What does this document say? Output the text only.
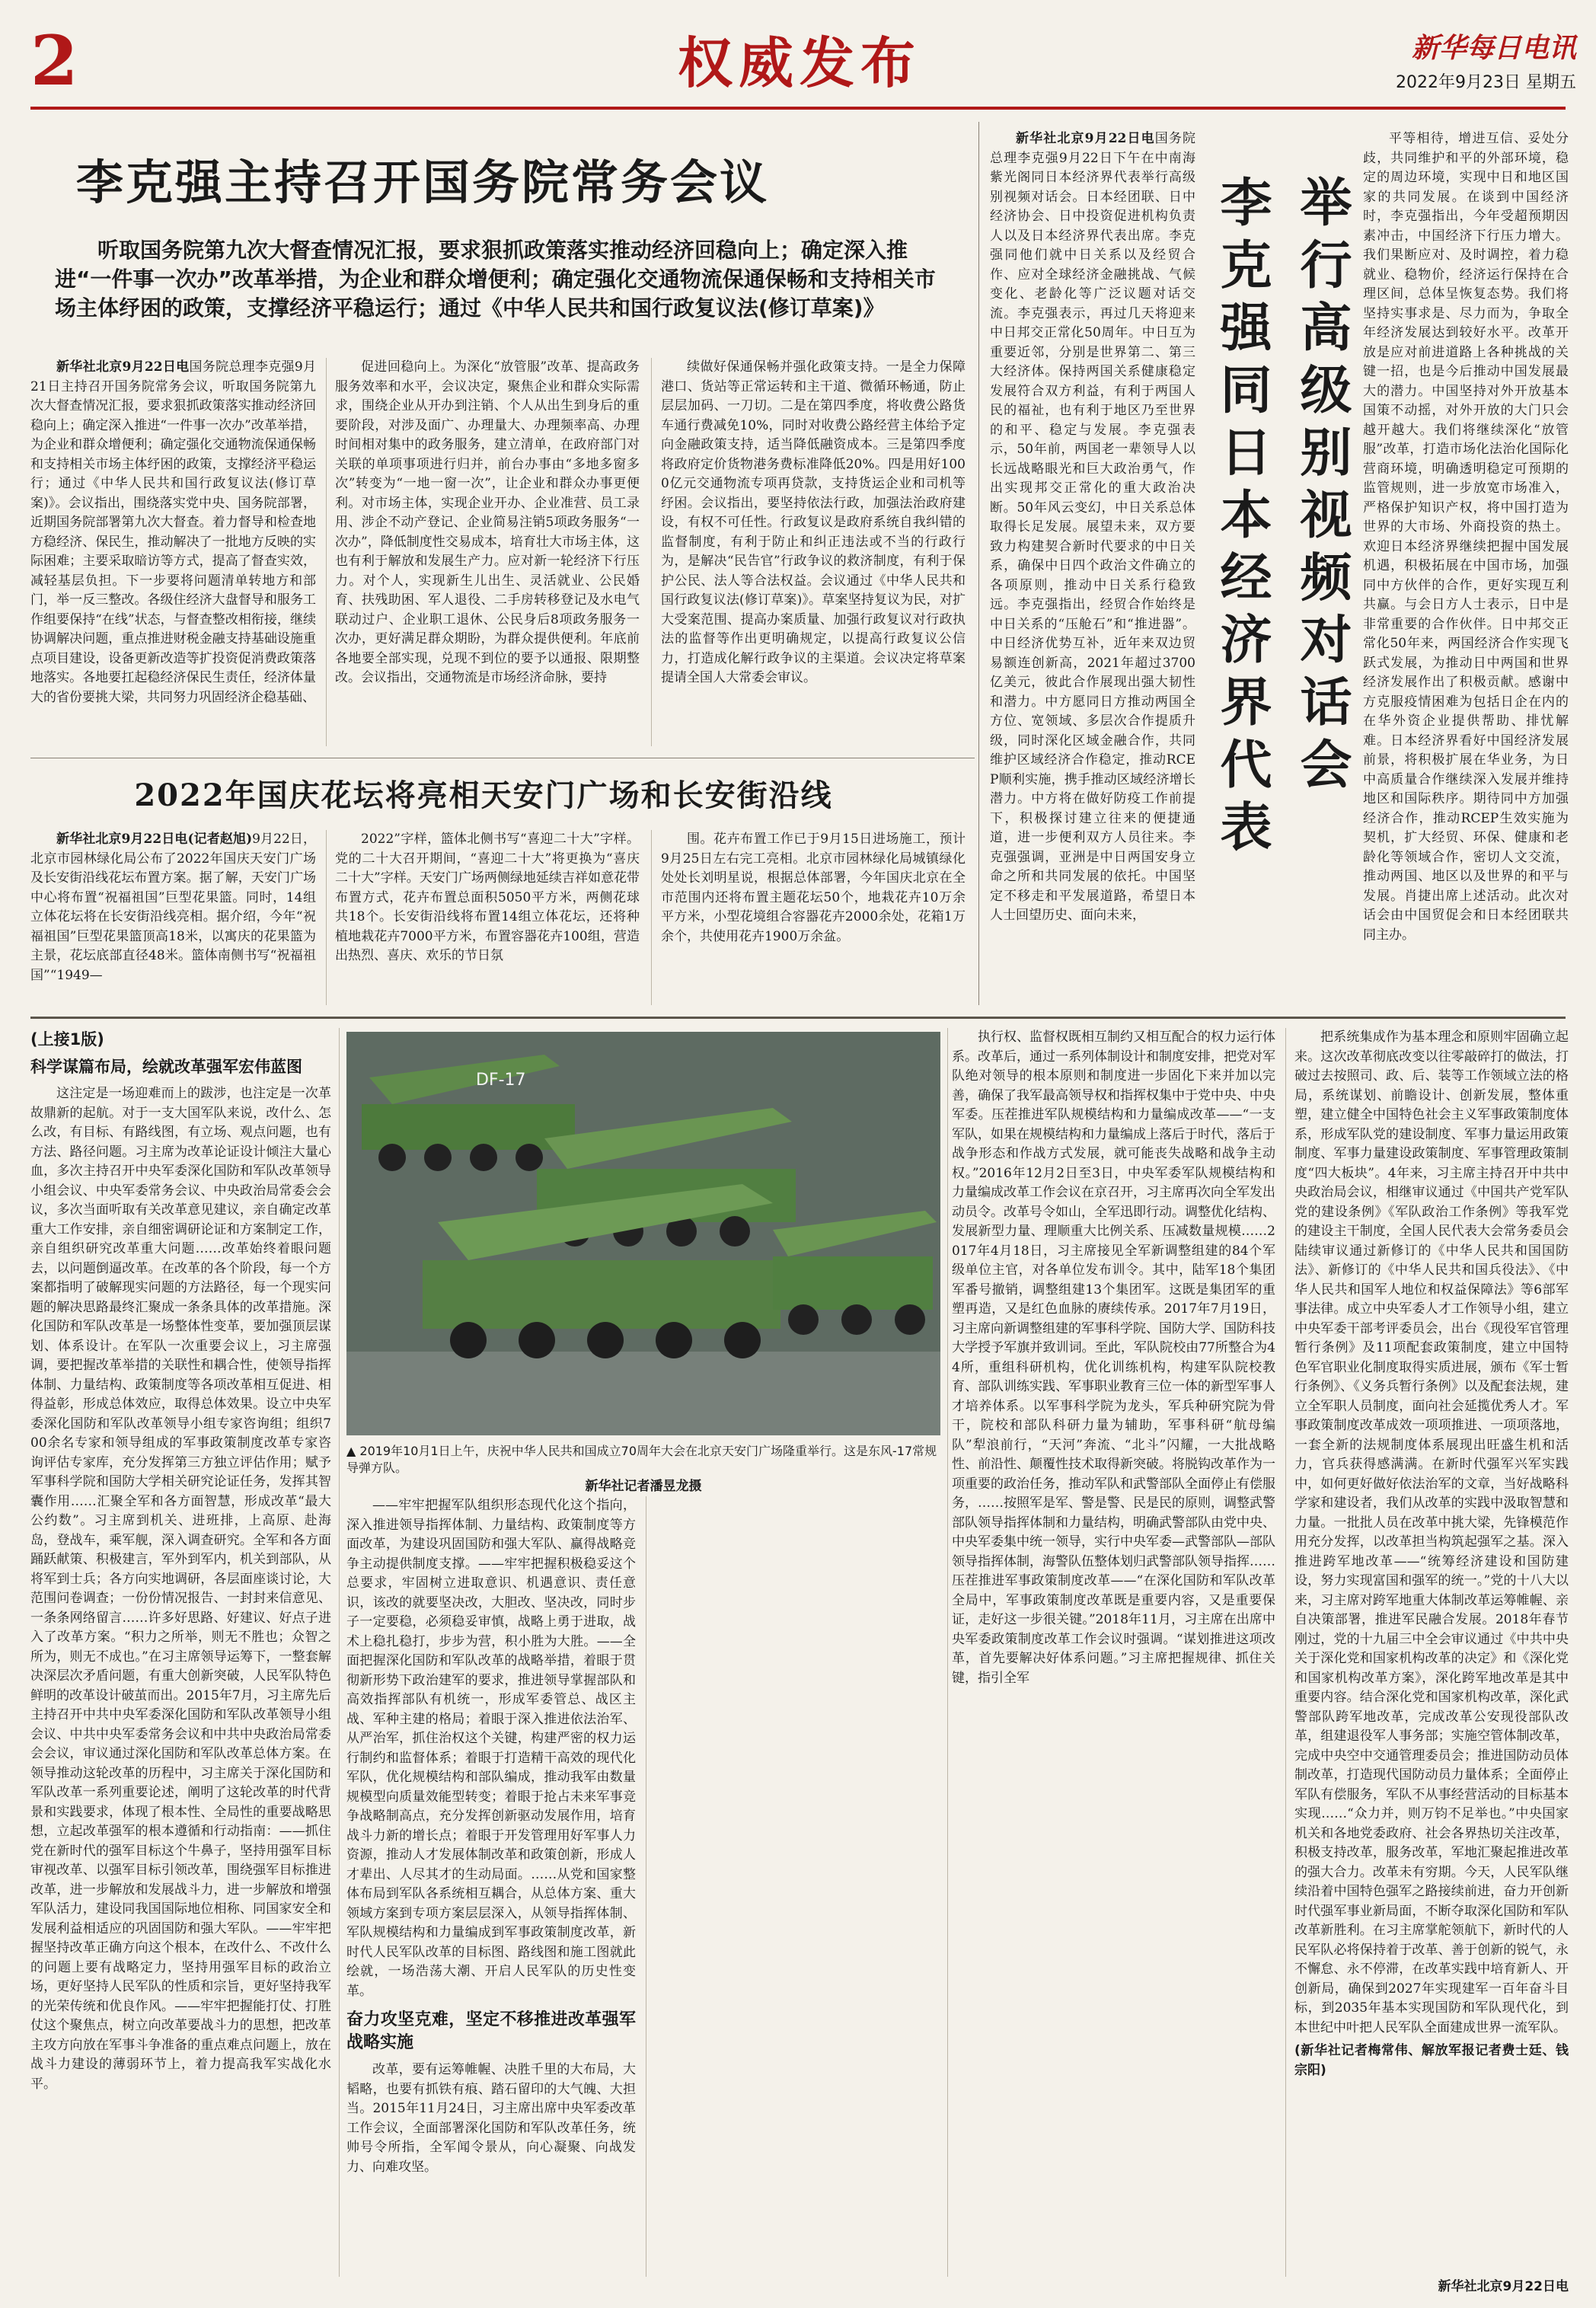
2	权威发布	新华每日电讯
2022年9月23日 星期五
李克强主持召开国务院常务会议
听取国务院第九次大督查情况汇报，要求狠抓政策落实推动经济回稳向上；确定深入推进“一件事一次办”改革举措，为企业和群众增便利；确定强化交通物流保通保畅和支持相关市场主体纾困的政策，支撑经济平稳运行；通过《中华人民共和国行政复议法(修订草案)》

新华社北京9月22日电国务院总理李克强9月21日主持召开国务院常务会议，听取国务院第九次大督查情况汇报，要求狠抓政策落实推动经济回稳向上；确定深入推进“一件事一次办”改革举措，为企业和群众增便利；确定强化交通物流保通保畅和支持相关市场主体纾困的政策，支撑经济平稳运行；通过《中华人民共和国行政复议法(修订草案)》。会议指出，围绕落实党中央、国务院部署，近期国务院部署第九次大督查。着力督导和检查地方稳经济、保民生，推动解决了一批地方反映的实际困难；主要采取暗访等方式，提高了督查实效，减轻基层负担。下一步要将问题清单转地方和部门，举一反三整改。各级住经济大盘督导和服务工作组要保持“在线”状态，与督查整改相衔接，继续协调解决问题，重点推进财税金融支持基础设施重点项目建设，设备更新改造等扩投资促消费政策落地落实。各地要扛起稳经济保民生责任，经济体量大的省份要挑大梁，共同努力巩固经济企稳基础、

促进回稳向上。为深化“放管服”改革、提高政务服务效率和水平，会议决定，聚焦企业和群众实际需求，围绕企业从开办到注销、个人从出生到身后的重要阶段，对涉及面广、办理量大、办理频率高、办理时间相对集中的政务服务，建立清单，在政府部门对关联的单项事项进行归并，前台办事由“多地多窗多次”转变为“一地一窗一次”，让企业和群众办事更便利。对市场主体，实现企业开办、企业准营、员工录用、涉企不动产登记、企业简易注销5项政务服务“一次办”，降低制度性交易成本，培育壮大市场主体，这也有利于解放和发展生产力。应对新一轮经济下行压力。对个人，实现新生儿出生、灵活就业、公民婚育、扶残助困、军人退役、二手房转移登记及水电气联动过户、企业职工退休、公民身后8项政务服务一次办，更好满足群众期盼，为群众提供便利。年底前各地要全部实现，兑现不到位的要予以通报、限期整改。会议指出，交通物流是市场经济命脉，要持

续做好保通保畅并强化政策支持。一是全力保障港口、货站等正常运转和主干道、微循环畅通，防止层层加码、一刀切。二是在第四季度，将收费公路货车通行费减免10%，同时对收费公路经营主体给予定向金融政策支持，适当降低融资成本。三是第四季度将政府定价货物港务费标准降低20%。四是用好1000亿元交通物流专项再贷款，支持货运企业和司机等纾困。会议指出，要坚持依法行政，加强法治政府建设，有权不可任性。行政复议是政府系统自我纠错的监督制度，有利于防止和纠正违法或不当的行政行为，是解决“民告官”行政争议的救济制度，有利于保护公民、法人等合法权益。会议通过《中华人民共和国行政复议法(修订草案)》。草案坚持复议为民，对扩大受案范围、提高办案质量、加强行政复议对行政执法的监督等作出更明确规定，以提高行政复议公信力，打造成化解行政争议的主渠道。会议决定将草案提请全国人大常委会审议。

2022年国庆花坛将亮相天安门广场和长安街沿线

新华社北京9月22日电(记者赵旭)9月22日，北京市园林绿化局公布了2022年国庆天安门广场及长安街沿线花坛布置方案。据了解，天安门广场中心将布置“祝福祖国”巨型花果篮。同时，14组立体花坛将在长安街沿线亮相。据介绍，今年“祝福祖国”巨型花果篮顶高18米，以寓庆的花果篮为主景，花坛底部直径48米。篮体南侧书写“祝福祖国”“1949—

2022”字样，篮体北侧书写“喜迎二十大”字样。党的二十大召开期间，“喜迎二十大”将更换为“喜庆二十大”字样。天安门广场两侧绿地延续吉祥如意花带布置方式，花卉布置总面积5050平方米，两侧花球共18个。长安街沿线将布置14组立体花坛，还将种植地栽花卉7000平方米，布置容器花卉100组，营造出热烈、喜庆、欢乐的节日氛

围。花卉布置工作已于9月15日进场施工，预计9月25日左右完工亮相。北京市园林绿化局城镇绿化处处长刘明星说，根据总体部署，今年国庆北京在全市范围内还将布置主题花坛50个，地栽花卉10万余平方米，小型花境组合容器花卉2000余处，花箱1万余个，共使用花卉1900万余盆。

新华社北京9月22日电国务院总理李克强9月22日下午在中南海紫光阁同日本经济界代表举行高级别视频对话会。日本经团联、日中经济协会、日中投资促进机构负责人以及日本经济界代表出席。李克强同他们就中日关系以及经贸合作、应对全球经济金融挑战、气候变化、老龄化等广泛议题对话交流。李克强表示，再过几天将迎来中日邦交正常化50周年。中日互为重要近邻，分别是世界第二、第三大经济体。保持两国关系健康稳定发展符合双方利益，有利于两国人民的福祉，也有利于地区乃至世界的和平、稳定与发展。李克强表示，50年前，两国老一辈领导人以长远战略眼光和巨大政治勇气，作出实现邦交正常化的重大政治决断。50年风云变幻，中日关系总体取得长足发展。展望未来，双方要致力构建契合新时代要求的中日关系，确保中日四个政治文件确立的各项原则，推动中日关系行稳致远。李克强指出，经贸合作始终是中日关系的“压舱石”和“推进器”。中日经济优势互补，近年来双边贸易额连创新高，2021年超过3700亿美元，彼此合作展现出强大韧性和潜力。中方愿同日方推动两国全方位、宽领域、多层次合作提质升级，同时深化区域金融合作，共同维护区域经济合作稳定，推动RCEP顺利实施，携手推动区域经济增长潜力。中方将在做好防疫工作前提下，积极探讨建立往来的便捷通道，进一步便利双方人员往来。李克强强调，亚洲是中日两国安身立命之所和共同发展的依托。中国坚定不移走和平发展道路，希望日本人士回望历史、面向未来，

李克强同日本经济界代表 举行高级别视频对话会

平等相待，增进互信、妥处分歧，共同维护和平的外部环境，稳定的周边环境，实现中日和地区国家的共同发展。在谈到中国经济时，李克强指出，今年受超预期因素冲击，中国经济下行压力增大。我们果断应对、及时调控，着力稳就业、稳物价，经济运行保持在合理区间，总体呈恢复态势。我们将坚持实事求是、尽力而为，争取全年经济发展达到较好水平。改革开放是应对前进道路上各种挑战的关键一招，也是今后推动中国发展最大的潜力。中国坚持对外开放基本国策不动摇，对外开放的大门只会越开越大。我们将继续深化“放管服”改革，打造市场化法治化国际化营商环境，明确透明稳定可预期的监管规则，进一步放宽市场准入，严格保护知识产权，将中国打造为世界的大市场、外商投资的热土。欢迎日本经济界继续把握中国发展机遇，积极拓展在中国市场，加强同中方伙伴的合作，更好实现互利共赢。与会日方人士表示，日中是非常重要的合作伙伴。日中邦交正常化50年来，两国经济合作实现飞跃式发展，为推动日中两国和世界经济发展作出了积极贡献。感谢中方克服疫情困难为包括日企在内的在华外资企业提供帮助、排忧解难。日本经济界看好中国经济发展前景，将积极扩展在华业务，为日中高质量合作继续深入发展并维持地区和国际秩序。期待同中方加强经济合作，推动RCEP生效实施为契机，扩大经贸、环保、健康和老龄化等领域合作，密切人文交流，推动两国、地区以及世界的和平与发展。肖捷出席上述活动。此次对话会由中国贸促会和日本经团联共同主办。

(上接1版)
科学谋篇布局，绘就改革强军宏伟蓝图

这注定是一场迎难而上的跋涉，也注定是一次革故鼎新的起航。对于一支大国军队来说，改什么、怎么改，有目标、有路线图，有立场、观点问题，也有方法、路径问题。习主席为改革论证设计倾注大量心血，多次主持召开中央军委深化国防和军队改革领导小组会议、中央军委常务会议、中央政治局常委会会议，多次当面听取有关改革意见建议，亲自确定改革重大工作安排，亲自细密调研论证和方案制定工作，亲自组织研究改革重大问题……改革始终着眼问题去，以问题倒逼改革。在改革的各个阶段，每一个方案都指明了破解现实问题的方法路径，每一个现实问题的解决思路最终汇聚成一条条具体的改革措施。深化国防和军队改革是一场整体性变革，要加强顶层谋划、体系设计。在军队一次重要会议上，习主席强调，要把握改革举措的关联性和耦合性，使领导指挥体制、力量结构、政策制度等各项改革相互促进、相得益彰，形成总体效应，取得总体效果。设立中央军委深化国防和军队改革领导小组专家咨询组；组织700余名专家和领导组成的军事政策制度改革专家咨询评估专家库，充分发挥第三方独立评估作用；赋予军事科学院和国防大学相关研究论证任务，发挥其智囊作用……汇聚全军和各方面智慧，形成改革“最大公约数”。习主席到机关、进班排，上高原、赴海岛，登战车，乘军舰，深入调查研究。全军和各方面踊跃献策、积极建言，军外到军内，机关到部队，从将军到士兵；各方向实地调研，各层面座谈讨论，大范围问卷调查；一份份情况报告、一封封来信意见、一条条网络留言……许多好思路、好建议、好点子进入了改革方案。“积力之所举，则无不胜也；众智之所为，则无不成也。”在习主席领导运筹下，一整套解决深层次矛盾问题，有重大创新突破，人民军队特色鲜明的改革设计破茧而出。2015年7月，习主席先后主持召开中共中央军委深化国防和军队改革领导小组会议、中共中央军委常务会议和中共中央政治局常委会会议，审议通过深化国防和军队改革总体方案。在领导推动这轮改革的历程中，习主席关于深化国防和军队改革一系列重要论述，阐明了这轮改革的时代背景和实践要求，体现了根本性、全局性的重要战略思想，立起改革强军的根本遵循和行动指南：——抓住党在新时代的强军目标这个牛鼻子，坚持用强军目标审视改革、以强军目标引领改革，围绕强军目标推进改革，进一步解放和发展战斗力，进一步解放和增强军队活力，建设同我国国际地位相称、同国家安全和发展利益相适应的巩固国防和强大军队。——牢牢把握坚持改革正确方向这个根本，在改什么、不改什么的问题上要有战略定力，坚持用强军目标的政治立场，更好坚持人民军队的性质和宗旨，更好坚持我军的光荣传统和优良作风。——牢牢把握能打仗、打胜仗这个聚焦点，树立向改革要战斗力的思想，把改革主攻方向放在军事斗争准备的重点难点问题上，放在战斗力建设的薄弱环节上，着力提高我军实战化水平。

DF-17
▲ 2019年10月1日上午，庆祝中华人民共和国成立70周年大会在北京天安门广场隆重举行。这是东风-17常规导弹方队。
新华社记者潘昱龙摄

——牢牢把握军队组织形态现代化这个指向，深入推进领导指挥体制、力量结构、政策制度等方面改革，为建设巩固国防和强大军队、赢得战略竞争主动提供制度支撑。——牢牢把握积极稳妥这个总要求，牢固树立进取意识、机遇意识、责任意识，该改的就要坚决改，大胆改、坚决改，同时步子一定要稳，必须稳妥审慎，战略上勇于进取，战术上稳扎稳打，步步为营，积小胜为大胜。——全面把握深化国防和军队改革的战略举措，着眼于贯彻新形势下政治建军的要求，推进领导掌握部队和高效指挥部队有机统一，形成军委管总、战区主战、军种主建的格局；着眼于深入推进依法治军、从严治军，抓住治权这个关键，构建严密的权力运行制约和监督体系；着眼于打造精干高效的现代化军队，优化规模结构和部队编成，推动我军由数量规模型向质量效能型转变；着眼于抢占未来军事竞争战略制高点，充分发挥创新驱动发展作用，培育战斗力新的增长点；着眼于开发管理用好军事人力资源，推动人才发展体制改革和政策创新，形成人才辈出、人尽其才的生动局面。……从党和国家整体布局到军队各系统相互耦合，从总体方案、重大领域方案到专项方案层层深入，从领导指挥体制、军队规模结构和力量编成到军事政策制度改革，新时代人民军队改革的目标图、路线图和施工图就此绘就，一场浩荡大潮、开启人民军队的历史性变革。

奋力攻坚克难，坚定不移推进改革强军战略实施

改革，要有运筹帷幄、决胜千里的大布局，大韬略，也要有抓铁有痕、踏石留印的大气魄、大担当。2015年11月24日，习主席出席中央军委改革工作会议，全面部署深化国防和军队改革任务，统帅号令所指，全军闻令景从，向心凝聚、向战发力、向难攻坚。

执行权、监督权既相互制约又相互配合的权力运行体系。改革后，通过一系列体制设计和制度安排，把党对军队绝对领导的根本原则和制度进一步固化下来并加以完善，确保了我军最高领导权和指挥权集中于党中央、中央军委。压茬推进军队规模结构和力量编成改革——“一支军队，如果在规模结构和力量编成上落后于时代，落后于战争形态和作战方式发展，就可能丧失战略和战争主动权。”2016年12月2日至3日，中央军委军队规模结构和力量编成改革工作会议在京召开，习主席再次向全军发出动员令。改革号令如山，全军迅即行动。调整优化结构、发展新型力量、理顺重大比例关系、压减数量规模……2017年4月18日，习主席接见全军新调整组建的84个军级单位主官，对各单位发布训令。其中，陆军18个集团军番号撤销，调整组建13个集团军。这既是集团军的重塑再造，又是红色血脉的赓续传承。2017年7月19日，习主席向新调整组建的军事科学院、国防大学、国防科技大学授予军旗并致训词。至此，军队院校由77所整合为44所，重组科研机构，优化训练机构，构建军队院校教育、部队训练实践、军事职业教育三位一体的新型军事人才培养体系。以军事科学院为龙头，军兵种研究院为骨干，院校和部队科研力量为辅助，军事科研“航母编队”犁浪前行，“天河”奔流、“北斗”闪耀，一大批战略性、前沿性、颠覆性技术取得新突破。将脱钩改革作为一项重要的政治任务，推动军队和武警部队全面停止有偿服务，……按照军是军、警是警、民是民的原则，调整武警部队领导指挥体制和力量结构，明确武警部队由党中央、中央军委集中统一领导，实行中央军委—武警部队—部队领导指挥体制，海警队伍整体划归武警部队领导指挥……压茬推进军事政策制度改革——“在深化国防和军队改革全局中，军事政策制度改革既是重要内容，又是重要保证，走好这一步很关键。”2018年11月，习主席在出席中央军委政策制度改革工作会议时强调。“谋划推进这项改革，首先要解决好体系问题。”习主席把握规律、抓住关键，指引全军

把系统集成作为基本理念和原则牢固确立起来。这次改革彻底改变以往零敲碎打的做法，打破过去按照司、政、后、装等工作领域立法的格局，系统谋划、前瞻设计、创新发展，整体重塑，建立健全中国特色社会主义军事政策制度体系，形成军队党的建设制度、军事力量运用政策制度、军事力量建设政策制度、军事管理政策制度“四大板块”。4年来，习主席主持召开中共中央政治局会议，相继审议通过《中国共产党军队党的建设条例》《军队政治工作条例》等我军党的建设主干制度，全国人民代表大会常务委员会陆续审议通过新修订的《中华人民共和国国防法》、新修订的《中华人民共和国兵役法》、《中华人民共和国军人地位和权益保障法》等6部军事法律。成立中央军委人才工作领导小组，建立中央军委干部考评委员会，出台《现役军官管理暂行条例》及11项配套政策制度，建立中国特色军官职业化制度取得实质进展，颁布《军士暂行条例》、《义务兵暂行条例》以及配套法规，建立全军职人员制度，面向社会延揽优秀人才。军事政策制度改革成效一项项推进、一项项落地，一套全新的法规制度体系展现出旺盛生机和活力，官兵获得感满满。在新时代强军兴军实践中，如何更好做好依法治军的文章，当好战略科学家和建设者，我们从改革的实践中汲取智慧和力量。一批批人员在改革中挑大梁，先锋模范作用充分发挥，以改革担当构筑起强军之基。深入推进跨军地改革——“统筹经济建设和国防建设，努力实现富国和强军的统一。”党的十八大以来，习主席对跨军地重大体制改革运筹帷幄、亲自决策部署，推进军民融合发展。2018年春节刚过，党的十九届三中全会审议通过《中共中央关于深化党和国家机构改革的决定》和《深化党和国家机构改革方案》，深化跨军地改革是其中重要内容。结合深化党和国家机构改革，深化武警部队跨军地改革，完成改革公安现役部队改革，组建退役军人事务部；实施空管体制改革，完成中央空中交通管理委员会；推进国防动员体制改革，打造现代国防动员力量体系；全面停止军队有偿服务，军队不从事经营活动的目标基本实现……“众力并，则万钧不足举也。”中央国家机关和各地党委政府、社会各界热切关注改革，积极支持改革，服务改革，军地汇聚起推进改革的强大合力。改革未有穷期。今天，人民军队继续沿着中国特色强军之路接续前进，奋力开创新时代强军事业新局面，不断夺取深化国防和军队改革新胜利。在习主席掌舵领航下，新时代的人民军队必将保持着于改革、善于创新的锐气，永不懈怠、永不停滞，在改革实践中培育新人、开创新局，确保到2027年实现建军一百年奋斗目标，到2035年基本实现国防和军队现代化，到本世纪中叶把人民军队全面建成世界一流军队。

(新华社记者梅常伟、解放军报记者费士廷、钱宗阳)
新华社北京9月22日电
